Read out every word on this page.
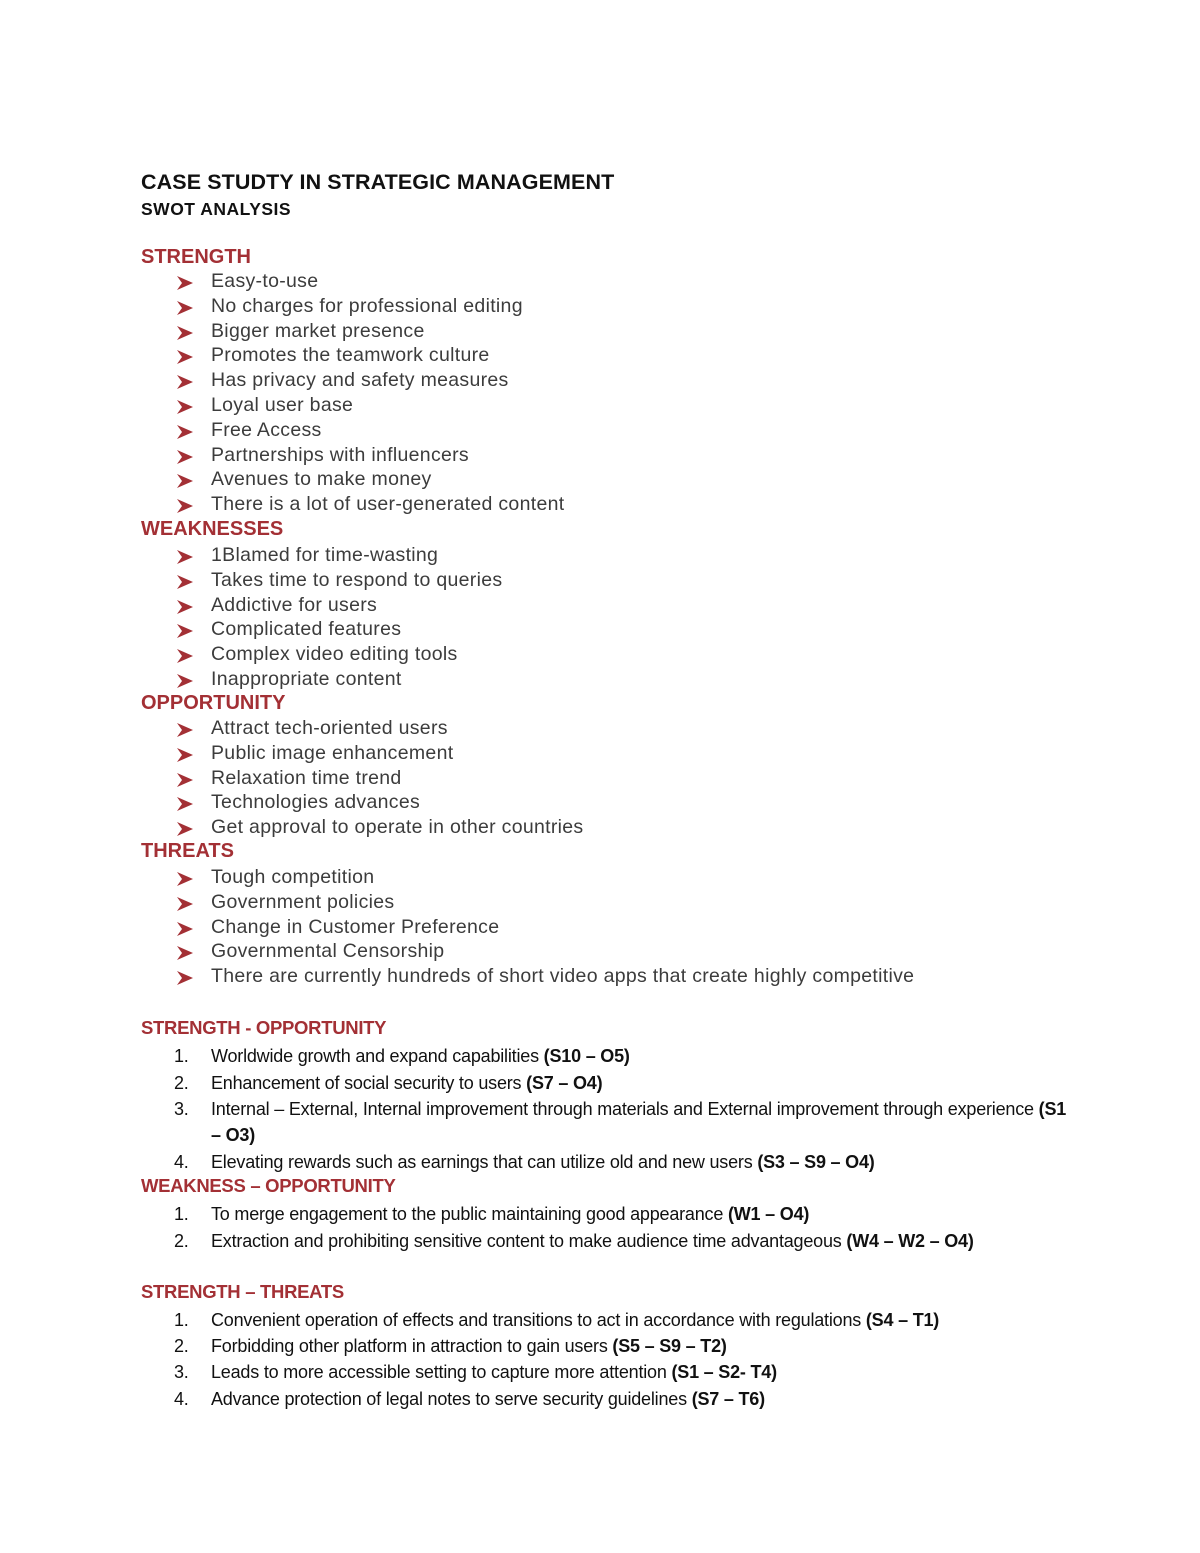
CASE STUDTY IN STRATEGIC MANAGEMENT
SWOT ANALYSIS
STRENGTH
Easy-to-use
No charges for professional editing
Bigger market presence
Promotes the teamwork culture
Has privacy and safety measures
Loyal user base
Free Access
Partnerships with influencers
Avenues to make money
There is a lot of user-generated content
WEAKNESSES
1Blamed for time-wasting
Takes time to respond to queries
Addictive for users
Complicated features
Complex video editing tools
Inappropriate content
OPPORTUNITY
Attract tech-oriented users
Public image enhancement
Relaxation time trend
Technologies advances
Get approval to operate in other countries
THREATS
Tough competition
Government policies
Change in Customer Preference
Governmental Censorship
There are currently hundreds of short video apps that create highly competitive
STRENGTH - OPPORTUNITY
1.	Worldwide growth and expand capabilities (S10 – O5)
2.	Enhancement of social security to users (S7 – O4)
3.	Internal – External, Internal improvement through materials and External improvement through experience (S1 – O3)
4.	Elevating rewards such as earnings that can utilize old and new users (S3 – S9 – O4)
WEAKNESS – OPPORTUNITY
1.	To merge engagement to the public maintaining good appearance (W1 – O4)
2.	Extraction and prohibiting sensitive content to make audience time advantageous (W4 – W2 – O4)
STRENGTH – THREATS
1.	Convenient operation of effects and transitions to act in accordance with regulations (S4 – T1)
2.	Forbidding other platform in attraction to gain users (S5 – S9 – T2)
3.	Leads to more accessible setting to capture more attention (S1 – S2- T4)
4.	Advance protection of legal notes to serve security guidelines (S7 – T6)
